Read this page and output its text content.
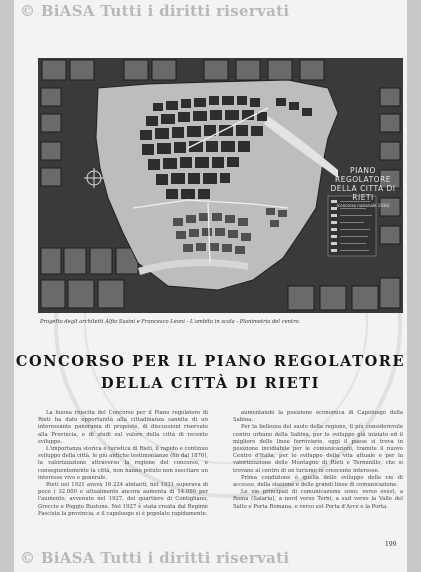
© BiASA Tutti i diritti riservati
PIANO REGOLATORE
DELLA CITTÀ DI RIETI
(concorso nazionale 1934)
Progetto degli architetti Alfio Susini e Francesco Leoni - L'ambito in scala - Planimetria del centro.
CONCORSO PER IL PIANO REGOLATORE
DELLA CITTÀ DI RIETI

La buona riuscita del Concorso per il Piano regolatore di Rieti ha dato opportunità alla cittadinanza sannita di un interessante panorama di proposte, di discussioni riservate alla Provincia, e di studi sul valore della città di recente sviluppo.

L'importanza storica e turistica di Rieti, il rapido e continuo sviluppo della città, le più antiche testimonianze (fin dal 1870), la valorizzazione attraverso la regione del concorso, e conseguentemente la città, non hanno potuto non suscitare un interesse vivo e generale.

Rieti nel 1921 aveva 16.224 abitanti, nel 1931 superava di poco i 32.000 e attualmente ancora aumenta di 14.000 per l'aumento, avvenuto nel 1927, del quartiere di Contigliano, Greccio e Poggio Bustone. Nel 1927 è stata creata dal Regime Fascista la provincia, e il capoluogo si è popolato rapidamente.

aumentando la posizione economica di Capoluogo della Sabina.

Per la bellezza del suolo della regione, il più considerevole centro urbano della Sabina, per lo sviluppo già iniziato ed il migliore delle linee ferroviarie, oggi il paese si trova in posizione invidiabile per le comunicazioni, tramite il nuovo Centro d'Italia, per lo sviluppo della vita attuale e per la valorizzazione delle Montagne di Rieti e Terminillo, che si trovano al centro di un turismo in crescente interesse.

Prima condizione è quella dello sviluppo delle vie di accesso, della stazione e delle grandi linee di comunicazione.

Le vie principali di comunicazione sono: verso ovest, a Roma (Salaria), a nord verso Terni, a sud verso la Valle del Salto e Porta Romana, e verso est Porta d'Arce e la Porta.

199
© BiASA Tutti i diritti riservati
